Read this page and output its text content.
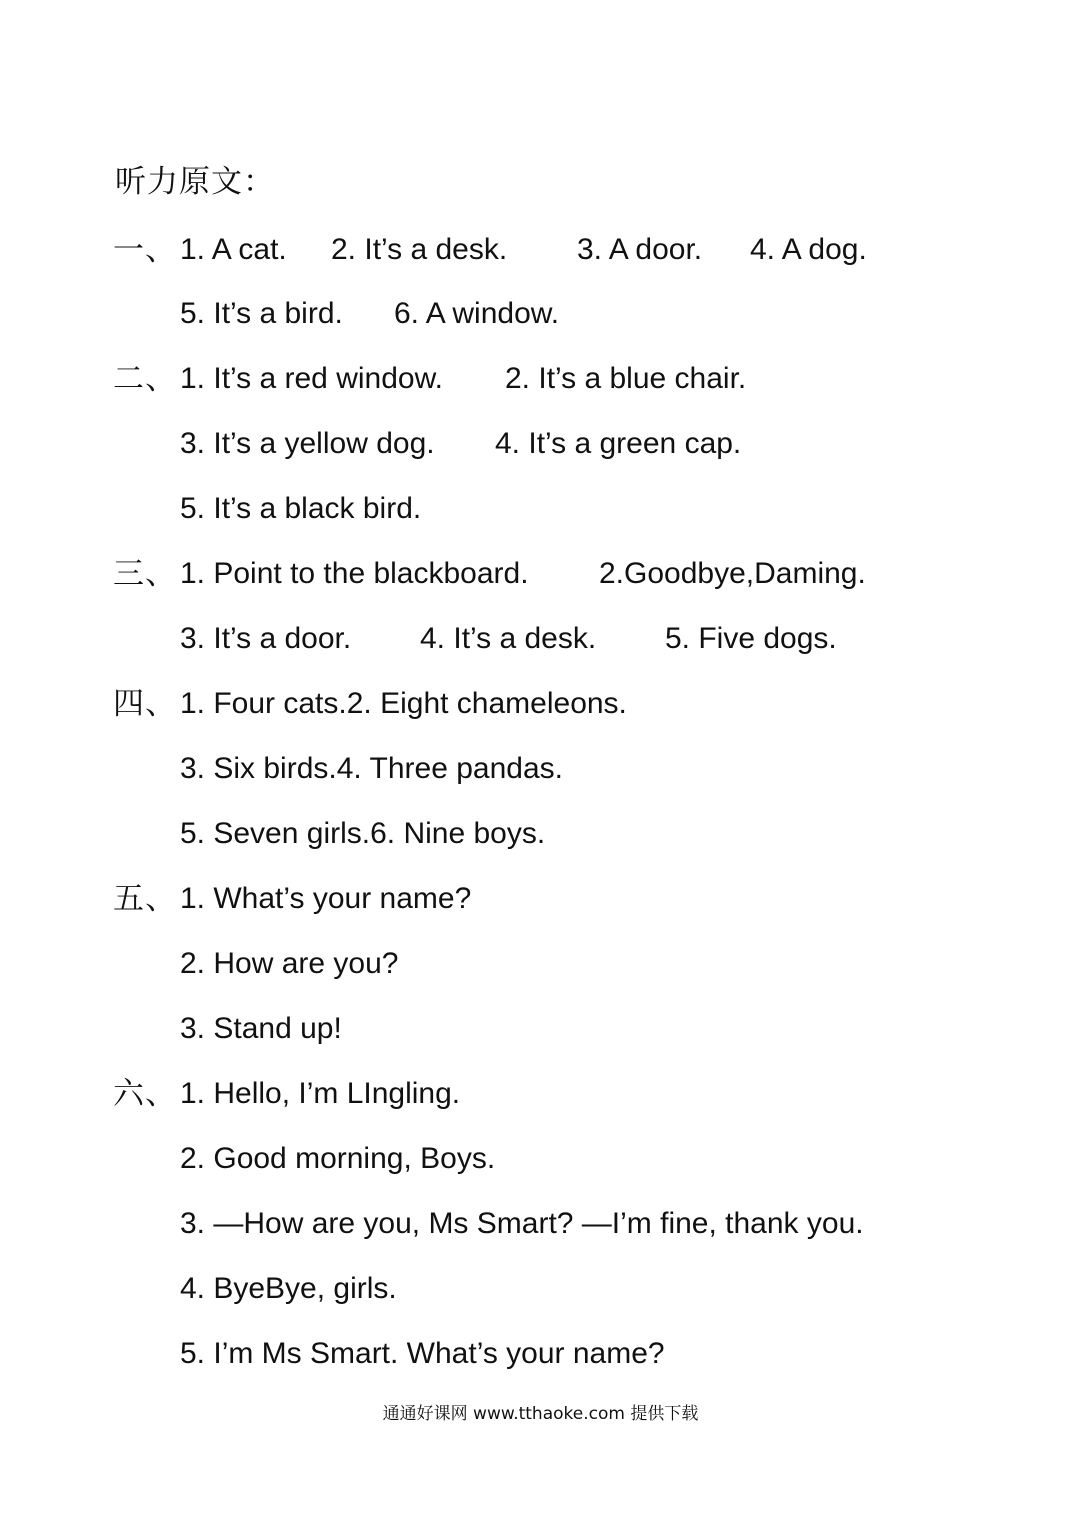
听力原文：
一、 1. A cat. 2. It’s a desk. 3. A door. 4. A dog.
5. It’s a bird. 6. A window.
二、 1. It’s a red window. 2. It’s a blue chair.
3. It’s a yellow dog. 4. It’s a green cap.
5. It’s a black bird.
三、 1. Point to the blackboard. 2.Goodbye,Daming.
3. It’s a door. 4. It’s a desk. 5. Five dogs.
四、 1. Four cats.2. Eight chameleons.
3. Six birds.4. Three pandas.
5. Seven girls.6. Nine boys.
五、 1. What’s your name?
2. How are you?
3. Stand up!
六、 1. Hello, I’m LIngling.
2. Good morning, Boys.
3. —How are you, Ms Smart? —I’m fine, thank you.
4. ByeBye, girls.
5. I’m Ms Smart. What’s your name?
通通好课网 www.tthaoke.com 提供下载
